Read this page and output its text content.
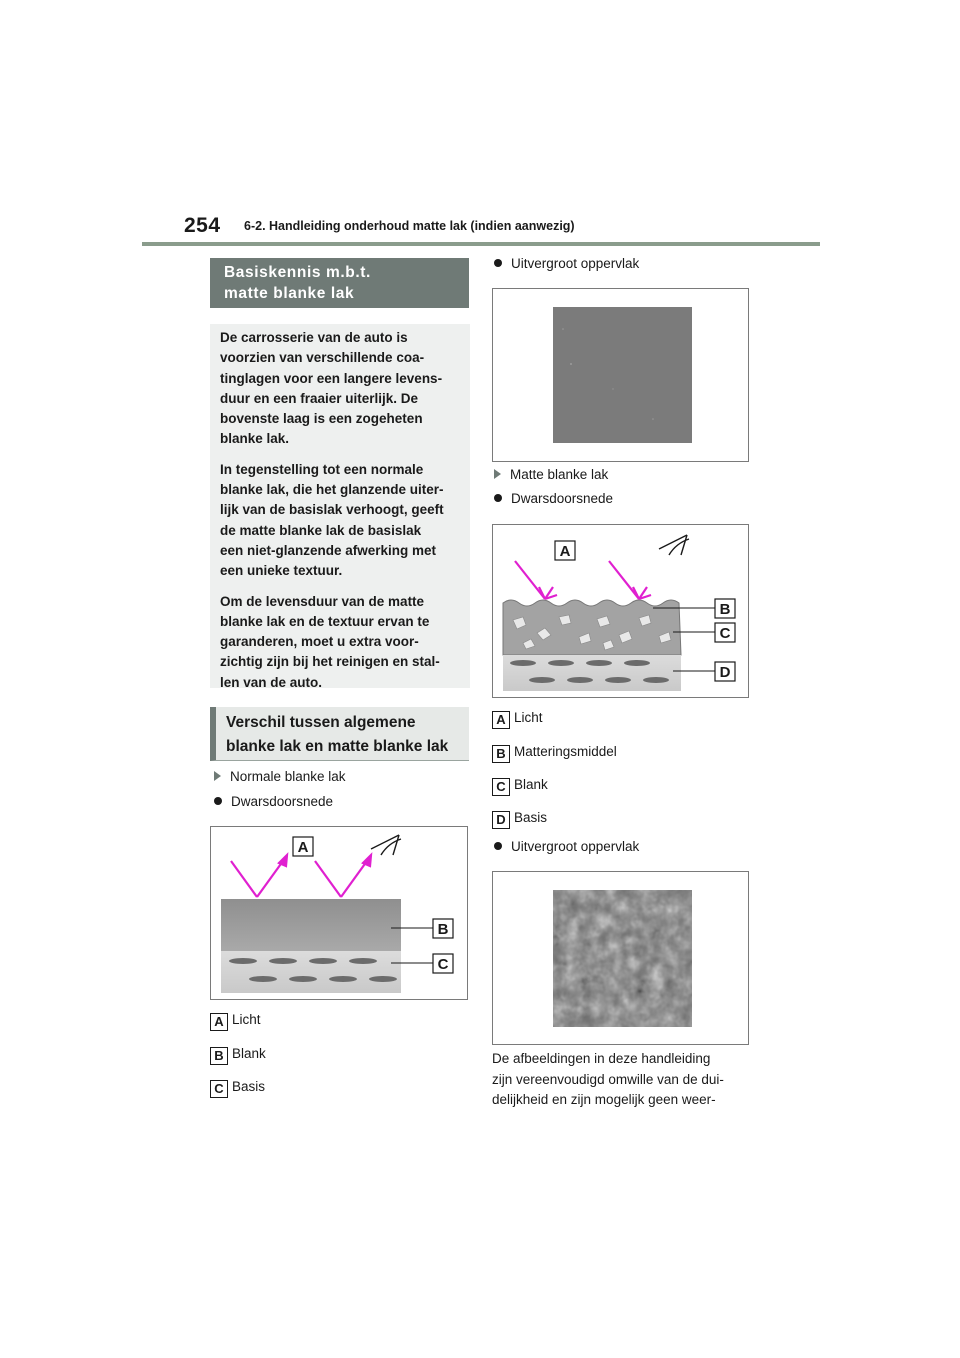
254 6-2. Handleiding onderhoud matte lak (indien aanwezig)
Basiskennis m.b.t.
matte blanke lak

De carrosserie van de auto is
voorzien van verschillende coa-
tinglagen voor een langere levens-
duur en een fraaier uiterlijk. De
bovenste laag is een zogeheten
blanke lak.

In tegenstelling tot een normale
blanke lak, die het glanzende uiter-
lijk van de basislak verhoogt, geeft
de matte blanke lak de basislak
een niet-glanzende afwerking met
een unieke textuur.

Om de levensduur van de matte
blanke lak en de textuur ervan te
garanderen, moet u extra voor-
zichtig zijn bij het reinigen en stal-
len van de auto.

Verschil tussen algemene
blanke lak en matte blanke lak
Normale blanke lak
Dwarsdoorsnede
A
B
C
A Licht
B Blank
C Basis
Uitvergroot oppervlak
Matte blanke lak
Dwarsdoorsnede
A
B
C
D
A Licht
B Matteringsmiddel
C Blank
D Basis
Uitvergroot oppervlak
De afbeeldingen in deze handleiding
zijn vereenvoudigd omwille van de dui-
delijkheid en zijn mogelijk geen weer-
